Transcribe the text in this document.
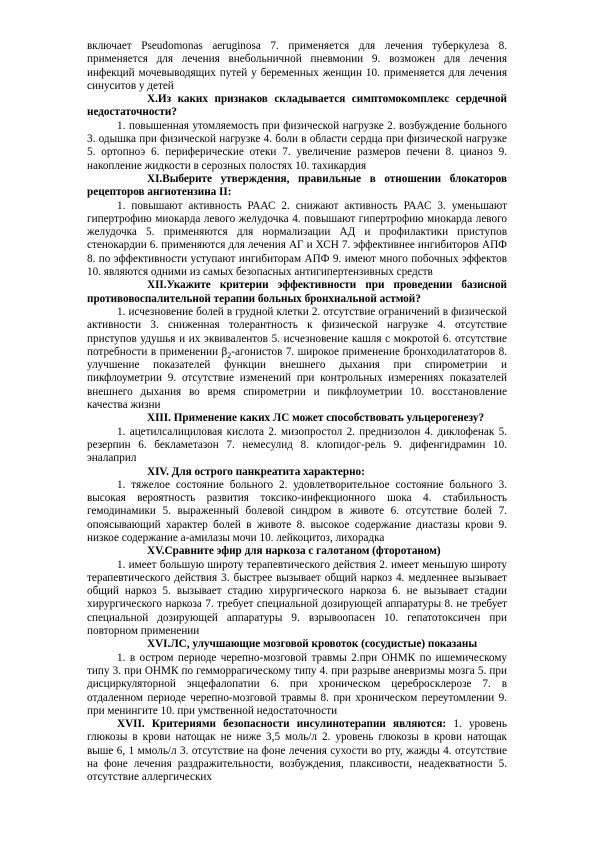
включает Pseudomonas aeruginosa 7. применяется для лечения туберкулеза 8. применяется для лечения внебольничной пневмонии 9. возможен для лечения инфекций мочевыводящих путей у беременных женщин 10. применяется для лечения синуситов у детей

X.Из каких признаков складывается симптомокомплекс сердечной недостаточности?

1. повышенная утомляемость при физической нагрузке 2. возбуждение больного 3. одышка при физической нагрузке 4. боли в области сердца при физической нагрузке 5. ортопноэ 6. периферические отеки 7. увеличение размеров печени 8. цианоз 9. накопление жидкости в серозных полостях 10. тахикардия

XI.Выберите утверждения, правильные в отношении блокаторов рецепторов ангиотензина II:

1. повышают активность РААС 2. снижают активность РААС 3. уменьшают гипертрофию миокарда левого желудочка 4. повышают гипертрофию миокарда левого желудочка 5. применяются для нормализации АД и профилактики приступов стенокардии 6. применяются для лечения АГ и ХСН 7. эффективнее ингибиторов АПФ 8. по эффективности уступают ингибиторам АПФ 9. имеют много побочных эффектов 10. являются одними из самых безопасных антигипертензивных средств

XII.Укажите критерии эффективности при проведении базисной противовоспалительной терапии больных бронхиальной астмой?

1. исчезновение болей в грудной клетки 2. отсутствие ограничений в физической активности 3. сниженная толерантность к физической нагрузке 4. отсутствие приступов удушья и их эквивалентов 5. исчезновение кашля с мокротой 6. отсутствие потребности в применении $\beta_2$-агонистов 7. широкое применение бронходилататоров 8. улучшение показателей функции внешнего дыхания при спирометрии и пикфлоуметрии 9. отсутствие изменений при контрольных измерениях показателей внешнего дыхания во время спирометрии и пикфлоуметрии 10. восстановление качества жизни

XIII. Применение каких ЛС может способствовать ульцерогенезу?

1. ацетилсалициловая кислота 2. мизопростол 2. преднизолон 4. диклофенак 5. резерпин 6. бекламетазон 7. немесулид 8. клопидог-рель 9. дифенгидрамин 10. эналаприл

XIV. Для острого панкреатита характерно:

1. тяжелое состояние больного 2. удовлетворительное состояние больного 3. высокая вероятность развития токсико-инфекционного шока 4. стабильность гемодинамики 5. выраженный болевой синдром в животе 6. отсутствие болей 7. опоясывающий характер болей в животе 8. высокое содержание диастазы крови 9. низкое содержание а-амилазы мочи 10. лейкоцитоз, лихорадка

XV.Сравните эфир для наркоза с галотаном (фторотаном)

1. имеет большую широту терапевтического действия 2. имеет меньшую широту терапевтического действия 3. быстрее вызывает общий наркоз 4. медленнее вызывает общий наркоз 5. вызывает стадию хирургического наркоза 6. не вызывает стадии хирургического наркоза 7. требует специальной дозирующей аппаратуры 8. не требует специальной дозирующей аппаратуры 9. взрывоопасен 10. гепатотоксичен при повторном применении

XVI.ЛС, улучшающие мозговой кровоток (сосудистые) показаны

1. в остром периоде черепно-мозговой травмы 2.при ОНМК по ишемическому типу 3. при ОНМК по гемморрагическому типу 4. при разрыве аневризмы мозга 5. при дисциркуляторной энцефалопатии 6. при хроническом церебросклерозе 7. в отдаленном периоде черепно-мозговой травмы 8. при хроническом переутомлении 9. при менингите 10. при умственной недостаточности

XVII. Критериями безопасности инсулинотерапии являются: 1. уровень глюкозы в крови натощак не ниже 3,5 моль/л 2. уровень глюкозы в крови натощак выше 6, 1 ммоль/л 3. отсутствие на фоне лечения сухости во рту, жажды 4. отсутствие на фоне лечения раздражительности, возбуждения, плаксивости, неадекватности 5. отсутствие аллергических
